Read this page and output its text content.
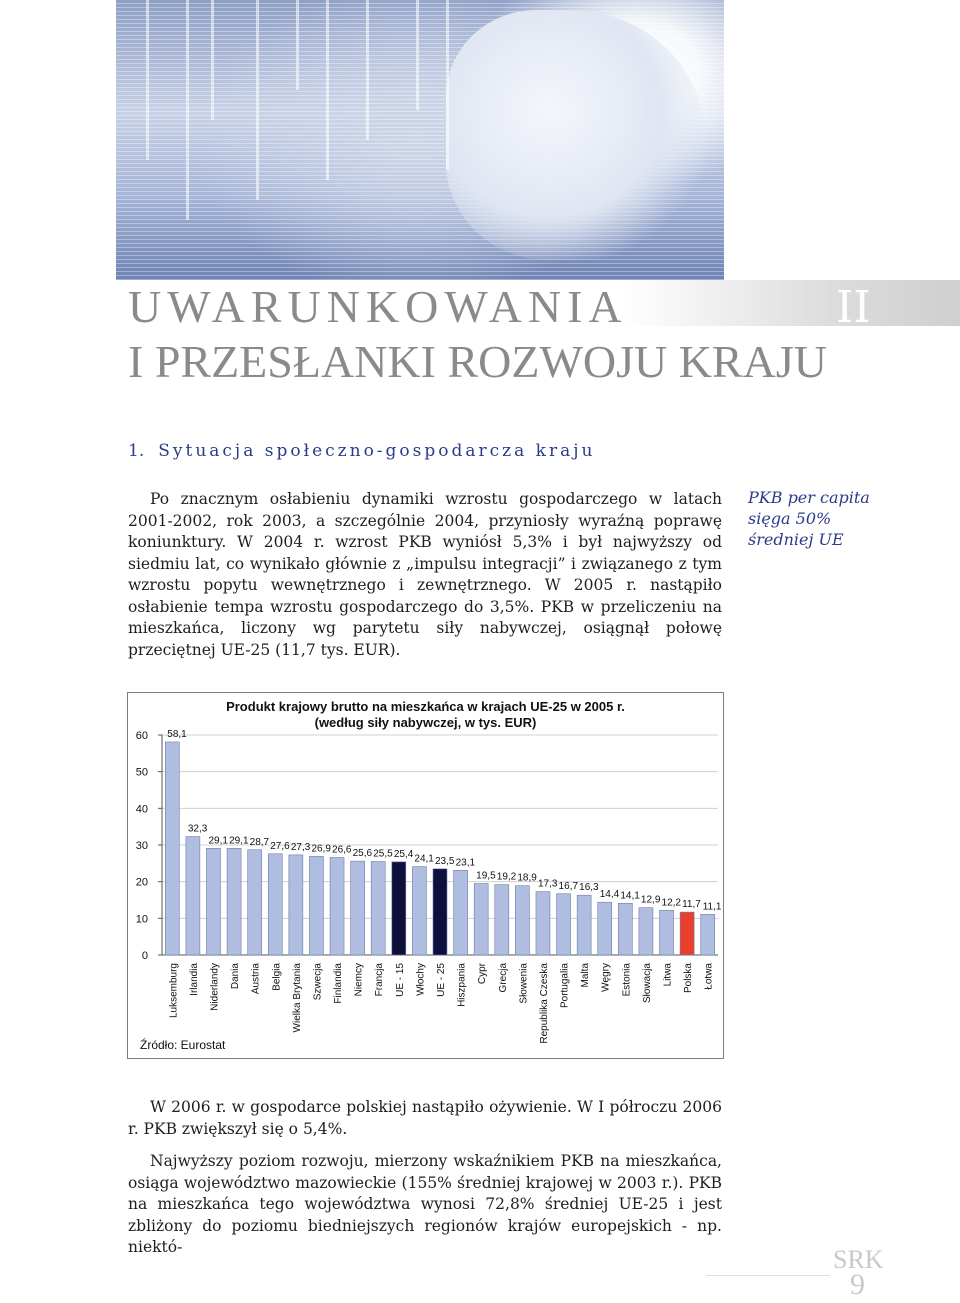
II
UWARUNKOWANIA
I PRZESŁANKI ROZWOJU KRAJU
1. Sytuacja społeczno-gospodarcza kraju

Po znacznym osłabieniu dynamiki wzrostu gospodarczego w latach 2001-2002, rok 2003, a szczególnie 2004, przyniosły wyraźną poprawę koniunktury. W 2004 r. wzrost PKB wyniósł 5,3% i był najwyższy od siedmiu lat, co wynikało głównie z „impulsu integracji” i związanego z tym wzrostu popytu wewnętrznego i zewnętrznego. W 2005 r. nastąpiło osłabienie tempa wzrostu gospodarczego do 3,5%. PKB w przeliczeniu na mieszkańca, liczony wg parytetu siły nabywczej, osiągnął połowę przeciętnej UE-25 (11,7 tys. EUR).

PKB per capita
sięga 50%
średniej UE
0
10
20
30
40
50
60 58,1
Luksemburg
32,3
Irlandia
29,1
Niderlandy
29,1
Dania
28,7
Austria
27,6
Belgia
27,3
Wielka Brytania
26,9
Szwecja
26,6
Finlandia
25,6
Niemcy
25,5
Francja
25,4
UE - 15
24,1
Włochy
23,5
UE - 25
23,1
Hiszpania
19,5
Cypr
19,2
Grecja
18,9
Słowenia
17,3
Republika Czeska
16,7
Portugalia
16,3
Malta
14,4
Węgry
14,1
Estonia
12,9
Słowacja
12,2
Litwa
11,7
Polska
11,1
Łotwa
Produkt krajowy brutto na mieszkańca w krajach UE-25 w 2005 r.
(według siły nabywczej, w tys. EUR)
Źródło: Eurostat

W 2006 r. w gospodarce polskiej nastąpiło ożywienie. W I półroczu 2006 r. PKB zwiększył się o 5,4%.

Najwyższy poziom rozwoju, mierzony wskaźnikiem PKB na mieszkańca, osiąga województwo mazowieckie (155% średniej krajowej w 2003 r.). PKB na mieszkańca tego województwa wynosi 72,8% średniej UE-25 i jest zbliżony do poziomu biedniejszych regionów krajów europejskich - np. niektó-	SRK
9
